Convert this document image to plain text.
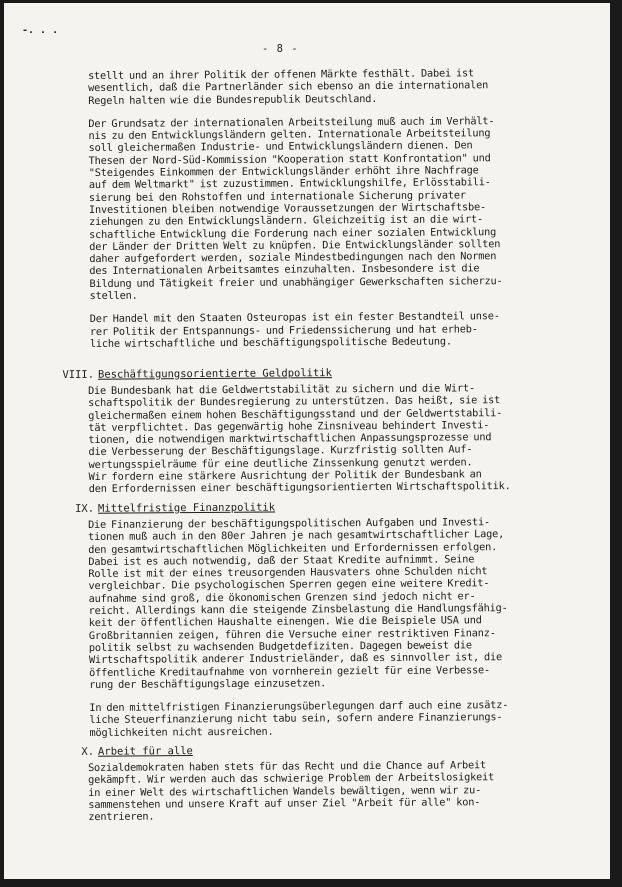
-. . .
- 8 -

stellt und an ihrer Politik der offenen Märkte festhält. Dabei ist
wesentlich, daß die Partnerländer sich ebenso an die internationalen
Regeln halten wie die Bundesrepublik Deutschland.

Der Grundsatz der internationalen Arbeitsteilung muß auch im Verhält-
nis zu den Entwicklungsländern gelten. Internationale Arbeitsteilung
soll gleichermaßen Industrie- und Entwicklungsländern dienen. Den
Thesen der Nord-Süd-Kommission "Kooperation statt Konfrontation" und
"Steigendes Einkommen der Entwicklungsländer erhöht ihre Nachfrage
auf dem Weltmarkt" ist zuzustimmen. Entwicklungshilfe, Erlösstabili-
sierung bei den Rohstoffen und internationale Sicherung privater
Investitionen bleiben notwendige Voraussetzungen der Wirtschaftsbe-
ziehungen zu den Entwicklungsländern. Gleichzeitig ist an die wirt-
schaftliche Entwicklung die Forderung nach einer sozialen Entwicklung
der Länder der Dritten Welt zu knüpfen. Die Entwicklungsländer sollten
daher aufgefordert werden, soziale Mindestbedingungen nach den Normen
des Internationalen Arbeitsamtes einzuhalten. Insbesondere ist die
Bildung und Tätigkeit freier und unabhängiger Gewerkschaften sicherzu-
stellen.

Der Handel mit den Staaten Osteuropas ist ein fester Bestandteil unse-
rer Politik der Entspannungs- und Friedenssicherung und hat erheb-
liche wirtschaftliche und beschäftigungspolitische Bedeutung.

VIII. Beschäftigungsorientierte Geldpolitik

Die Bundesbank hat die Geldwertstabilität zu sichern und die Wirt-
schaftspolitik der Bundesregierung zu unterstützen. Das heißt, sie ist
gleichermaßen einem hohen Beschäftigungsstand und der Geldwertstabili-
tät verpflichtet. Das gegenwärtig hohe Zinsniveau behindert Investi-
tionen, die notwendigen marktwirtschaftlichen Anpassungsprozesse und
die Verbesserung der Beschäftigungslage. Kurzfristig sollten Auf-
wertungsspielräume für eine deutliche Zinssenkung genutzt werden.
Wir fordern eine stärkere Ausrichtung der Politik der Bundesbank an
den Erfordernissen einer beschäftigungsorientierten Wirtschaftspolitik.

IX. Mittelfristige Finanzpolitik

Die Finanzierung der beschäftigungspolitischen Aufgaben und Investi-
tionen muß auch in den 80er Jahren je nach gesamtwirtschaftlicher Lage,
den gesamtwirtschaftlichen Möglichkeiten und Erfordernissen erfolgen.
Dabei ist es auch notwendig, daß der Staat Kredite aufnimmt. Seine
Rolle ist mit der eines treusorgenden Hausvaters ohne Schulden nicht
vergleichbar. Die psychologischen Sperren gegen eine weitere Kredit-
aufnahme sind groß, die ökonomischen Grenzen sind jedoch nicht er-
reicht. Allerdings kann die steigende Zinsbelastung die Handlungsfähig-
keit der öffentlichen Haushalte einengen. Wie die Beispiele USA und
Großbritannien zeigen, führen die Versuche einer restriktiven Finanz-
politik selbst zu wachsenden Budgetdefiziten. Dagegen beweist die
Wirtschaftspolitik anderer Industrieländer, daß es sinnvoller ist, die
öffentliche Kreditaufnahme von vornherein gezielt für eine Verbesse-
rung der Beschäftigungslage einzusetzen.

In den mittelfristigen Finanzierungsüberlegungen darf auch eine zusätz-
liche Steuerfinanzierung nicht tabu sein, sofern andere Finanzierungs-
möglichkeiten nicht ausreichen.

X. Arbeit für alle

Sozialdemokraten haben stets für das Recht und die Chance auf Arbeit
gekämpft. Wir werden auch das schwierige Problem der Arbeitslosigkeit
in einer Welt des wirtschaftlichen Wandels bewältigen, wenn wir zu-
sammenstehen und unsere Kraft auf unser Ziel "Arbeit für alle" kon-
zentrieren.
